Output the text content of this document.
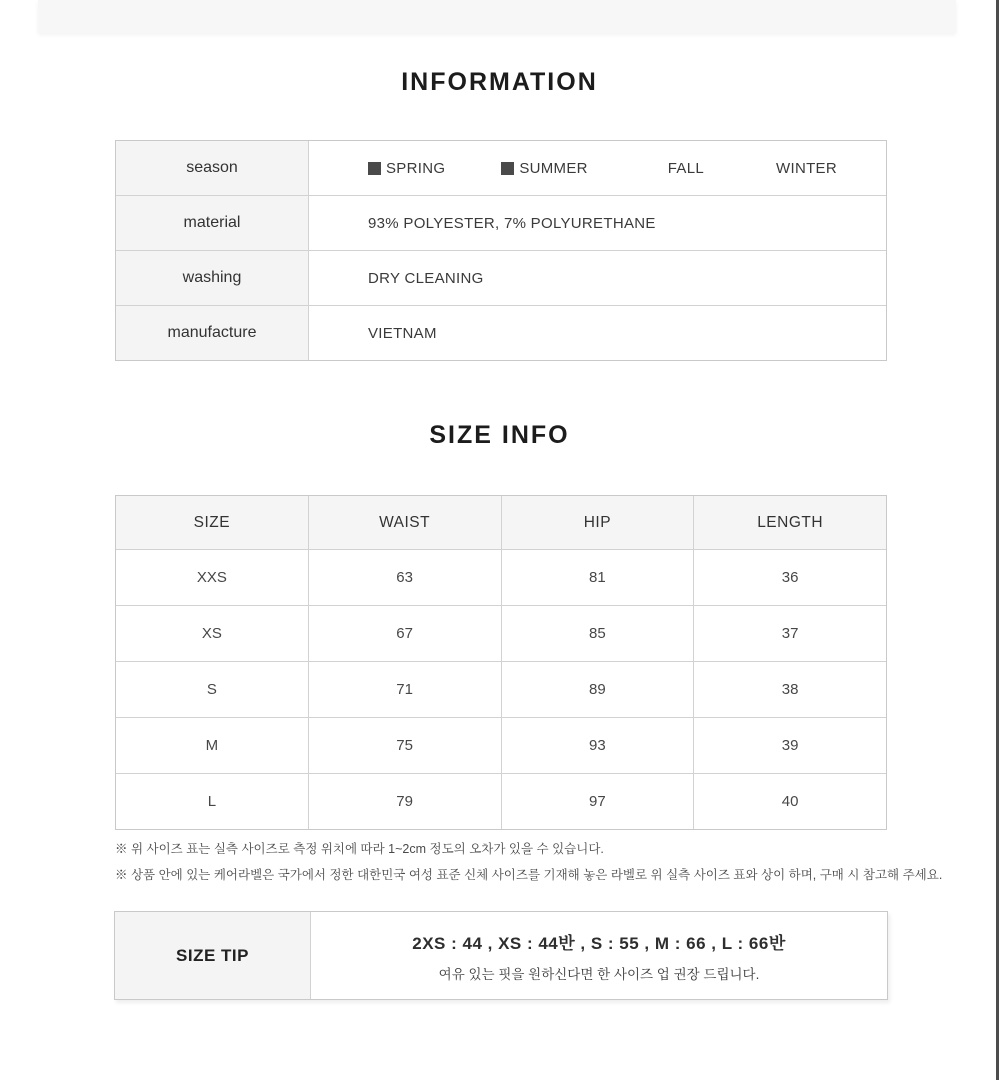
INFORMATION
season	SPRING	SUMMER	FALL	WINTER
material	93% POLYESTER, 7% POLYURETHANE
washing	DRY CLEANING
manufacture	VIETNAM
SIZE INFO
SIZE	WAIST	HIP	LENGTH
XXS	63	81	36
XS	67	85	37
S	71	89	38
M	75	93	39
L	79	97	40
※ 위 사이즈 표는 실측 사이즈로 측정 위치에 따라 1~2cm 정도의 오차가 있을 수 있습니다.
※ 상품 안에 있는 케어라벨은 국가에서 정한 대한민국 여성 표준 신체 사이즈를 기재해 놓은 라벨로 위 실측 사이즈 표와 상이 하며, 구매 시 참고해 주세요.
SIZE TIP
2XS : 44 , XS : 44반 , S : 55 , M : 66 , L : 66반
여유 있는 핏을 원하신다면 한 사이즈 업 권장 드립니다.
